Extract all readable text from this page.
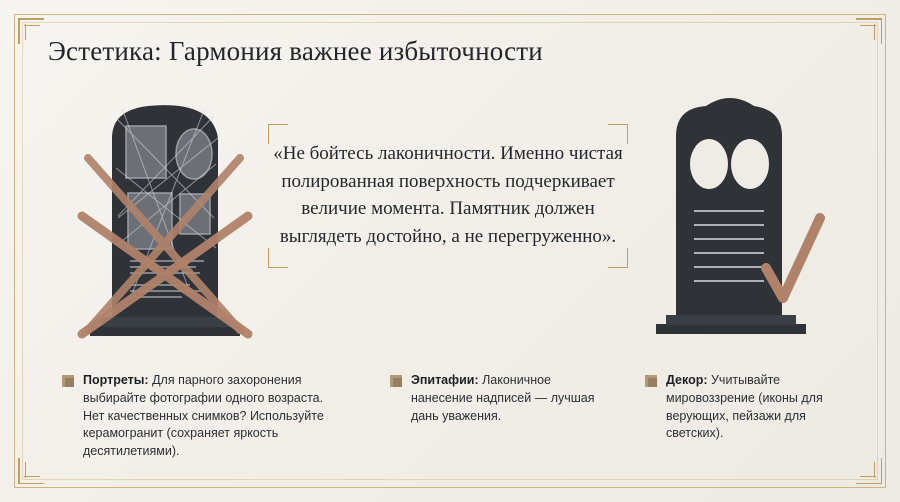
Эстетика: Гармония важнее избыточности
«Не бойтесь лаконичности. Именно чистая полированная поверхность подчеркивает величие момента. Памятник должен выглядеть достойно, а не перегруженно».
Портреты: Для парного захоронения выбирайте фотографии одного возраста. Нет качественных снимков? Используйте керамогранит (сохраняет яркость десятилетиями).
Эпитафии: Лаконичное нанесение надписей — лучшая дань уважения.
Декор: Учитывайте мировоззрение (иконы для верующих, пейзажи для светских).
